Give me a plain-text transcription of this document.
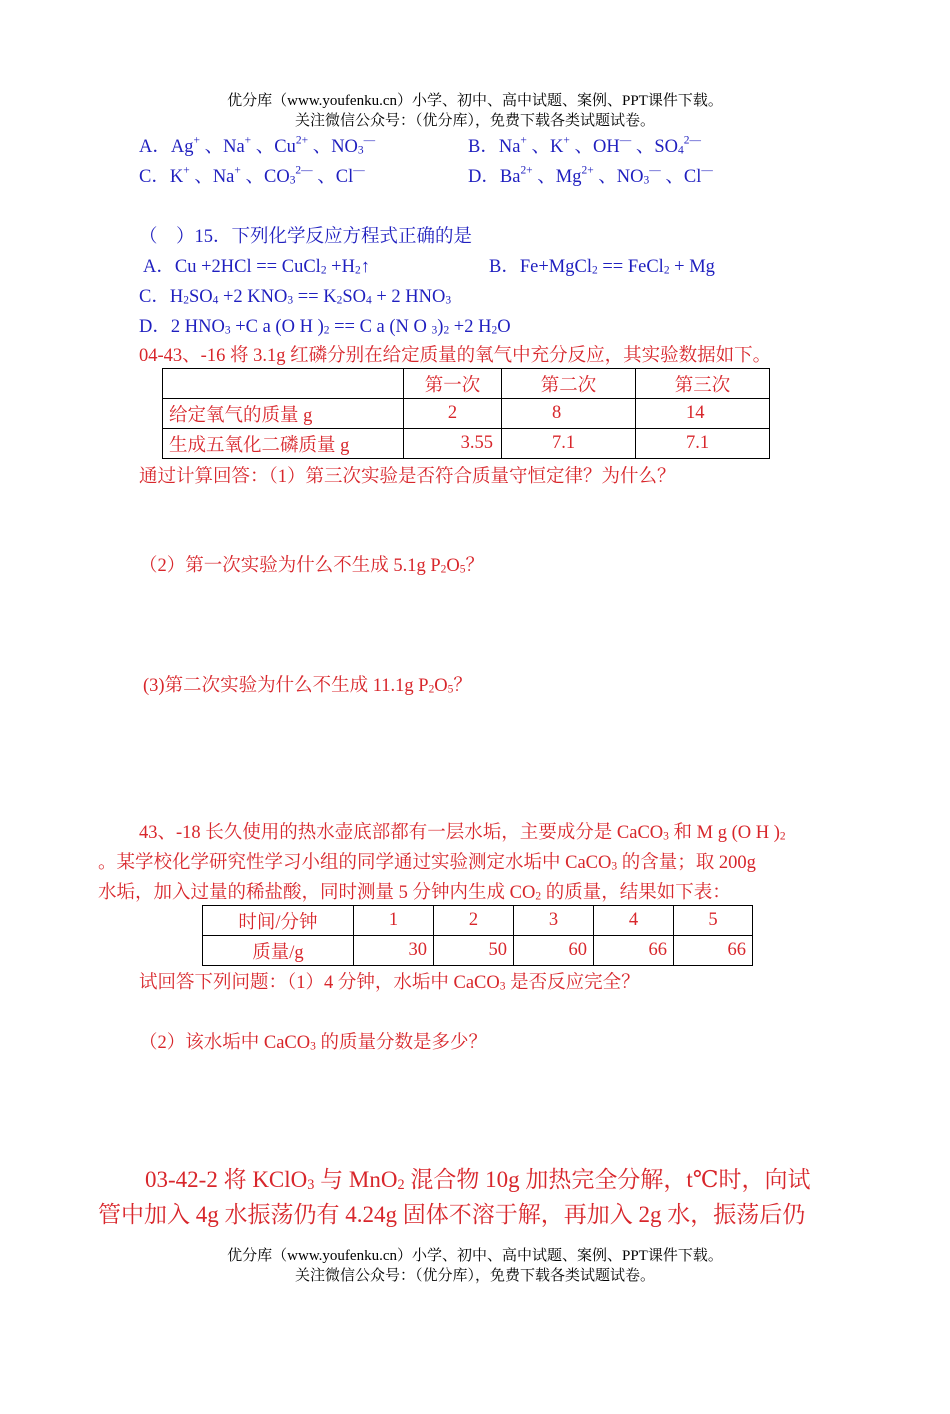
优分库（www.youfenku.cn）小学、初中、高中试题、案例、PPT课件下载。
关注微信公众号：（优分库），免费下载各类试题试卷。
A．Ag+ 、Na+ 、$Cu^{2+}$ 、$NO_3^—$	B．Na+ 、K+ 、OH— 、$SO_4^{2—}$
C．K+ 、Na+ 、$CO_3^{2—}$ 、Cl—	D．$Ba^{2+}$ 、$Mg^{2+}$ 、$NO_3^—$ 、Cl—
（　）15．下列化学反应方程式正确的是
A．Cu +2HCl == CuCl$_2$ $+H_2↑$	B．Fe+MgCl$_2$ == FeCl$_2$ + Mg
C．$H_2SO_4 +2$ $KNO_3 == K_2SO_4 + 2$ $HNO_3$
D．2 $HNO_3 +C$ a (O H )$_2 == C$ a (N O $_3)_2 +2$ $H_2O$
04-43、-16 将 3.1g 红磷分别在给定质量的氧气中充分反应，其实验数据如下。
	第一次	第二次	第三次
给定氧气的质量 g	2	8	14
生成五氧化二磷质量 g	3.55	7.1	7.1
通过计算回答：（1）第三次实验是否符合质量守恒定律？为什么？
（2）第一次实验为什么不生成 5.1g $P_2O_5$？
(3)第二次实验为什么不生成 11.1g $P_2O_5$？
43、-18 长久使用的热水壶底部都有一层水垢，主要成分是 CaCO$_3$ 和 M g (O H )$_2$
。某学校化学研究性学习小组的同学通过实验测定水垢中 CaCO$_3$ 的含量；取 200g
水垢，加入过量的稀盐酸，同时测量 5 分钟内生成 $CO_2$ 的质量，结果如下表：
时间/分钟	1	2	3	4	5
质量/g	30	50	60	66	66
试回答下列问题：（1）4 分钟，水垢中 CaCO$_3$ 是否反应完全？
（2）该水垢中 CaCO$_3$ 的质量分数是多少？
03-42-2 将 KClO$_3$ 与 MnO$_2$ 混合物 10g 加热完全分解，t℃时，向试
管中加入 4g 水振荡仍有 4.24g 固体不溶于解，再加入 2g 水，振荡后仍
优分库（www.youfenku.cn）小学、初中、高中试题、案例、PPT课件下载。
关注微信公众号：（优分库），免费下载各类试题试卷。
